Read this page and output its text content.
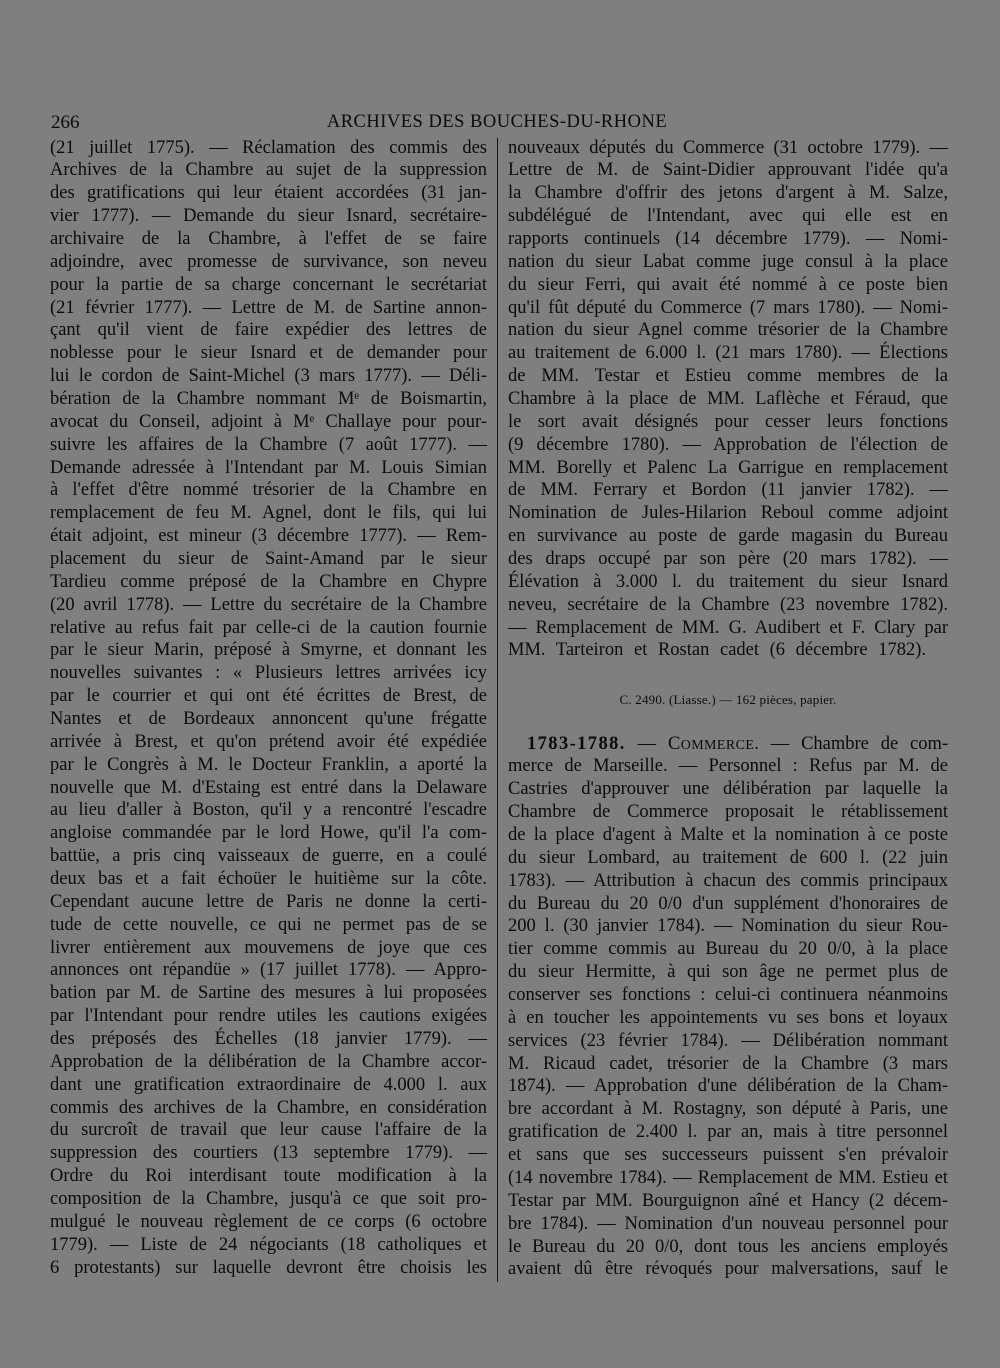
266	ARCHIVES DES BOUCHES-DU-RHONE
(21 juillet 1775). — Réclamation des commis des
Archives de la Chambre au sujet de la suppression
des gratifications qui leur étaient accordées (31 jan-
vier 1777). — Demande du sieur Isnard, secrétaire-
archivaire de la Chambre, à l'effet de se faire
adjoindre, avec promesse de survivance, son neveu
pour la partie de sa charge concernant le secrétariat
(21 février 1777). — Lettre de M. de Sartine annon-
çant qu'il vient de faire expédier des lettres de
noblesse pour le sieur Isnard et de demander pour
lui le cordon de Saint-Michel (3 mars 1777). — Déli-
bération de la Chambre nommant Mᵉ de Boismartin,
avocat du Conseil, adjoint à Mᵉ Challaye pour pour-
suivre les affaires de la Chambre (7 août 1777). —
Demande adressée à l'Intendant par M. Louis Simian
à l'effet d'être nommé trésorier de la Chambre en
remplacement de feu M. Agnel, dont le fils, qui lui
était adjoint, est mineur (3 décembre 1777). — Rem-
placement du sieur de Saint-Amand par le sieur
Tardieu comme préposé de la Chambre en Chypre
(20 avril 1778). — Lettre du secrétaire de la Chambre
relative au refus fait par celle-ci de la caution fournie
par le sieur Marin, préposé à Smyrne, et donnant les
nouvelles suivantes : « Plusieurs lettres arrivées icy
par le courrier et qui ont été écrittes de Brest, de
Nantes et de Bordeaux annoncent qu'une frégatte
arrivée à Brest, et qu'on prétend avoir été expédiée
par le Congrès à M. le Docteur Franklin, a aporté la
nouvelle que M. d'Estaing est entré dans la Delaware
au lieu d'aller à Boston, qu'il y a rencontré l'escadre
angloise commandée par le lord Howe, qu'il l'a com-
battüe, a pris cinq vaisseaux de guerre, en a coulé
deux bas et a fait échoüer le huitième sur la côte.
Cependant aucune lettre de Paris ne donne la certi-
tude de cette nouvelle, ce qui ne permet pas de se
livrer entièrement aux mouvemens de joye que ces
annonces ont répandüe » (17 juillet 1778). — Appro-
bation par M. de Sartine des mesures à lui proposées
par l'Intendant pour rendre utiles les cautions exigées
des préposés des Échelles (18 janvier 1779). —
Approbation de la délibération de la Chambre accor-
dant une gratification extraordinaire de 4.000 l. aux
commis des archives de la Chambre, en considération
du surcroît de travail que leur cause l'affaire de la
suppression des courtiers (13 septembre 1779). —
Ordre du Roi interdisant toute modification à la
composition de la Chambre, jusqu'à ce que soit pro-
mulgué le nouveau règlement de ce corps (6 octobre
1779). — Liste de 24 négociants (18 catholiques et
6 protestants) sur laquelle devront être choisis les
nouveaux députés du Commerce (31 octobre 1779). —
Lettre de M. de Saint-Didier approuvant l'idée qu'a
la Chambre d'offrir des jetons d'argent à M. Salze,
subdélégué de l'Intendant, avec qui elle est en
rapports continuels (14 décembre 1779). — Nomi-
nation du sieur Labat comme juge consul à la place
du sieur Ferri, qui avait été nommé à ce poste bien
qu'il fût député du Commerce (7 mars 1780). — Nomi-
nation du sieur Agnel comme trésorier de la Chambre
au traitement de 6.000 l. (21 mars 1780). — Élections
de MM. Testar et Estieu comme membres de la
Chambre à la place de MM. Laflèche et Féraud, que
le sort avait désignés pour cesser leurs fonctions
(9 décembre 1780). — Approbation de l'élection de
MM. Borelly et Palenc La Garrigue en remplacement
de MM. Ferrary et Bordon (11 janvier 1782). —
Nomination de Jules-Hilarion Reboul comme adjoint
en survivance au poste de garde magasin du Bureau
des draps occupé par son père (20 mars 1782). —
Élévation à 3.000 l. du traitement du sieur Isnard
neveu, secrétaire de la Chambre (23 novembre 1782).
— Remplacement de MM. G. Audibert et F. Clary par
MM. Tarteiron et Rostan cadet (6 décembre 1782).
C. 2490. (Liasse.) — 162 pièces, papier.
1783-1788. — COMMERCE. — Chambre de com-
merce de Marseille. — Personnel : Refus par M. de
Castries d'approuver une délibération par laquelle la
Chambre de Commerce proposait le rétablissement
de la place d'agent à Malte et la nomination à ce poste
du sieur Lombard, au traitement de 600 l. (22 juin
1783). — Attribution à chacun des commis principaux
du Bureau du 20 0/0 d'un supplément d'honoraires de
200 l. (30 janvier 1784). — Nomination du sieur Rou-
tier comme commis au Bureau du 20 0/0, à la place
du sieur Hermitte, à qui son âge ne permet plus de
conserver ses fonctions : celui-ci continuera néanmoins
à en toucher les appointements vu ses bons et loyaux
services (23 février 1784). — Délibération nommant
M. Ricaud cadet, trésorier de la Chambre (3 mars
1874). — Approbation d'une délibération de la Cham-
bre accordant à M. Rostagny, son député à Paris, une
gratification de 2.400 l. par an, mais à titre personnel
et sans que ses successeurs puissent s'en prévaloir
(14 novembre 1784). — Remplacement de MM. Estieu et
Testar par MM. Bourguignon aîné et Hancy (2 décem-
bre 1784). — Nomination d'un nouveau personnel pour
le Bureau du 20 0/0, dont tous les anciens employés
avaient dû être révoqués pour malversations, sauf le
